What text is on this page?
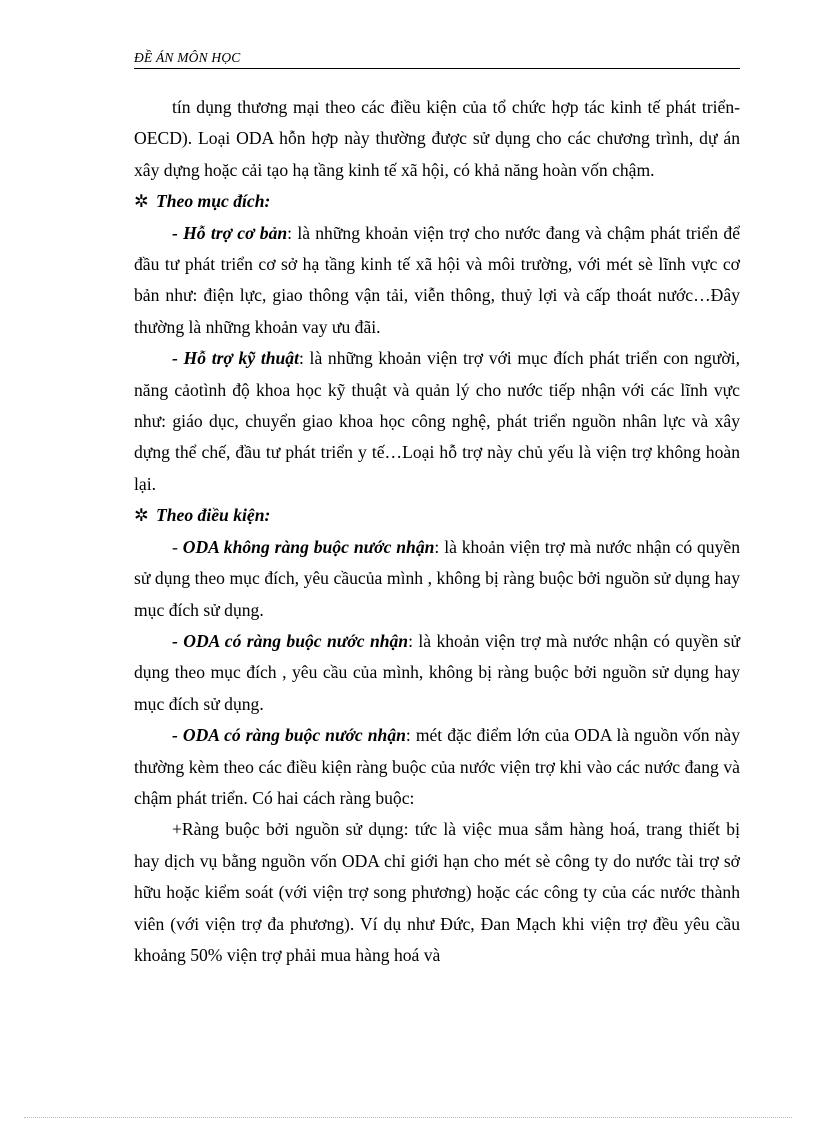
ĐỀ ÁN MÔN HỌC

tín dụng thương mại theo các điều kiện của tổ chức hợp tác kinh tế phát triển-OECD). Loại ODA hỗn hợp này thường được sử dụng cho các chương trình, dự án xây dựng hoặc cải tạo hạ tầng kinh tế xã hội, có khả năng hoàn vốn chậm.

✲ Theo mục đích:

- Hỗ trợ cơ bản: là những khoản viện trợ cho nước đang và chậm phát triển để đầu tư phát triển cơ sở hạ tầng kinh tế xã hội và môi trường, với mét sè lĩnh vực cơ bản như: điện lực, giao thông vận tải, viễn thông, thuỷ lợi và cấp thoát nước…Đây thường là những khoản vay ưu đãi.

- Hỗ trợ kỹ thuật: là những khoản viện trợ với mục đích phát triển con người, năng cảotình độ khoa học kỹ thuật và quản lý cho nước tiếp nhận với các lĩnh vực như: giáo dục, chuyển giao khoa học công nghệ, phát triển nguồn nhân lực và xây dựng thể chế, đầu tư phát triển y tế…Loại hỗ trợ này chủ yếu là viện trợ không hoàn lại.

✲ Theo điều kiện:

- ODA không ràng buộc nước nhận: là khoản viện trợ mà nước nhận có quyền sử dụng theo mục đích, yêu cầucủa mình , không bị ràng buộc bởi nguồn sử dụng hay mục đích sử dụng.

- ODA có ràng buộc nước nhận: là khoản viện trợ mà nước nhận có quyền sử dụng theo mục đích , yêu cầu của mình, không bị ràng buộc bởi nguồn sử dụng hay mục đích sử dụng.

- ODA có ràng buộc nước nhận: mét đặc điểm lớn của ODA là nguồn vốn này thường kèm theo các điều kiện ràng buộc của nước viện trợ khi vào các nước đang và chậm phát triển. Có hai cách ràng buộc:

+Ràng buộc bởi nguồn sử dụng: tức là việc mua sắm hàng hoá, trang thiết bị hay dịch vụ bằng nguồn vốn ODA chỉ giới hạn cho mét sè công ty do nước tài trợ sở hữu hoặc kiểm soát (với viện trợ song phương) hoặc các công ty của các nước thành viên (với viện trợ đa phương). Ví dụ như Đức, Đan Mạch khi viện trợ đều yêu cầu khoảng 50% viện trợ phải mua hàng hoá và
